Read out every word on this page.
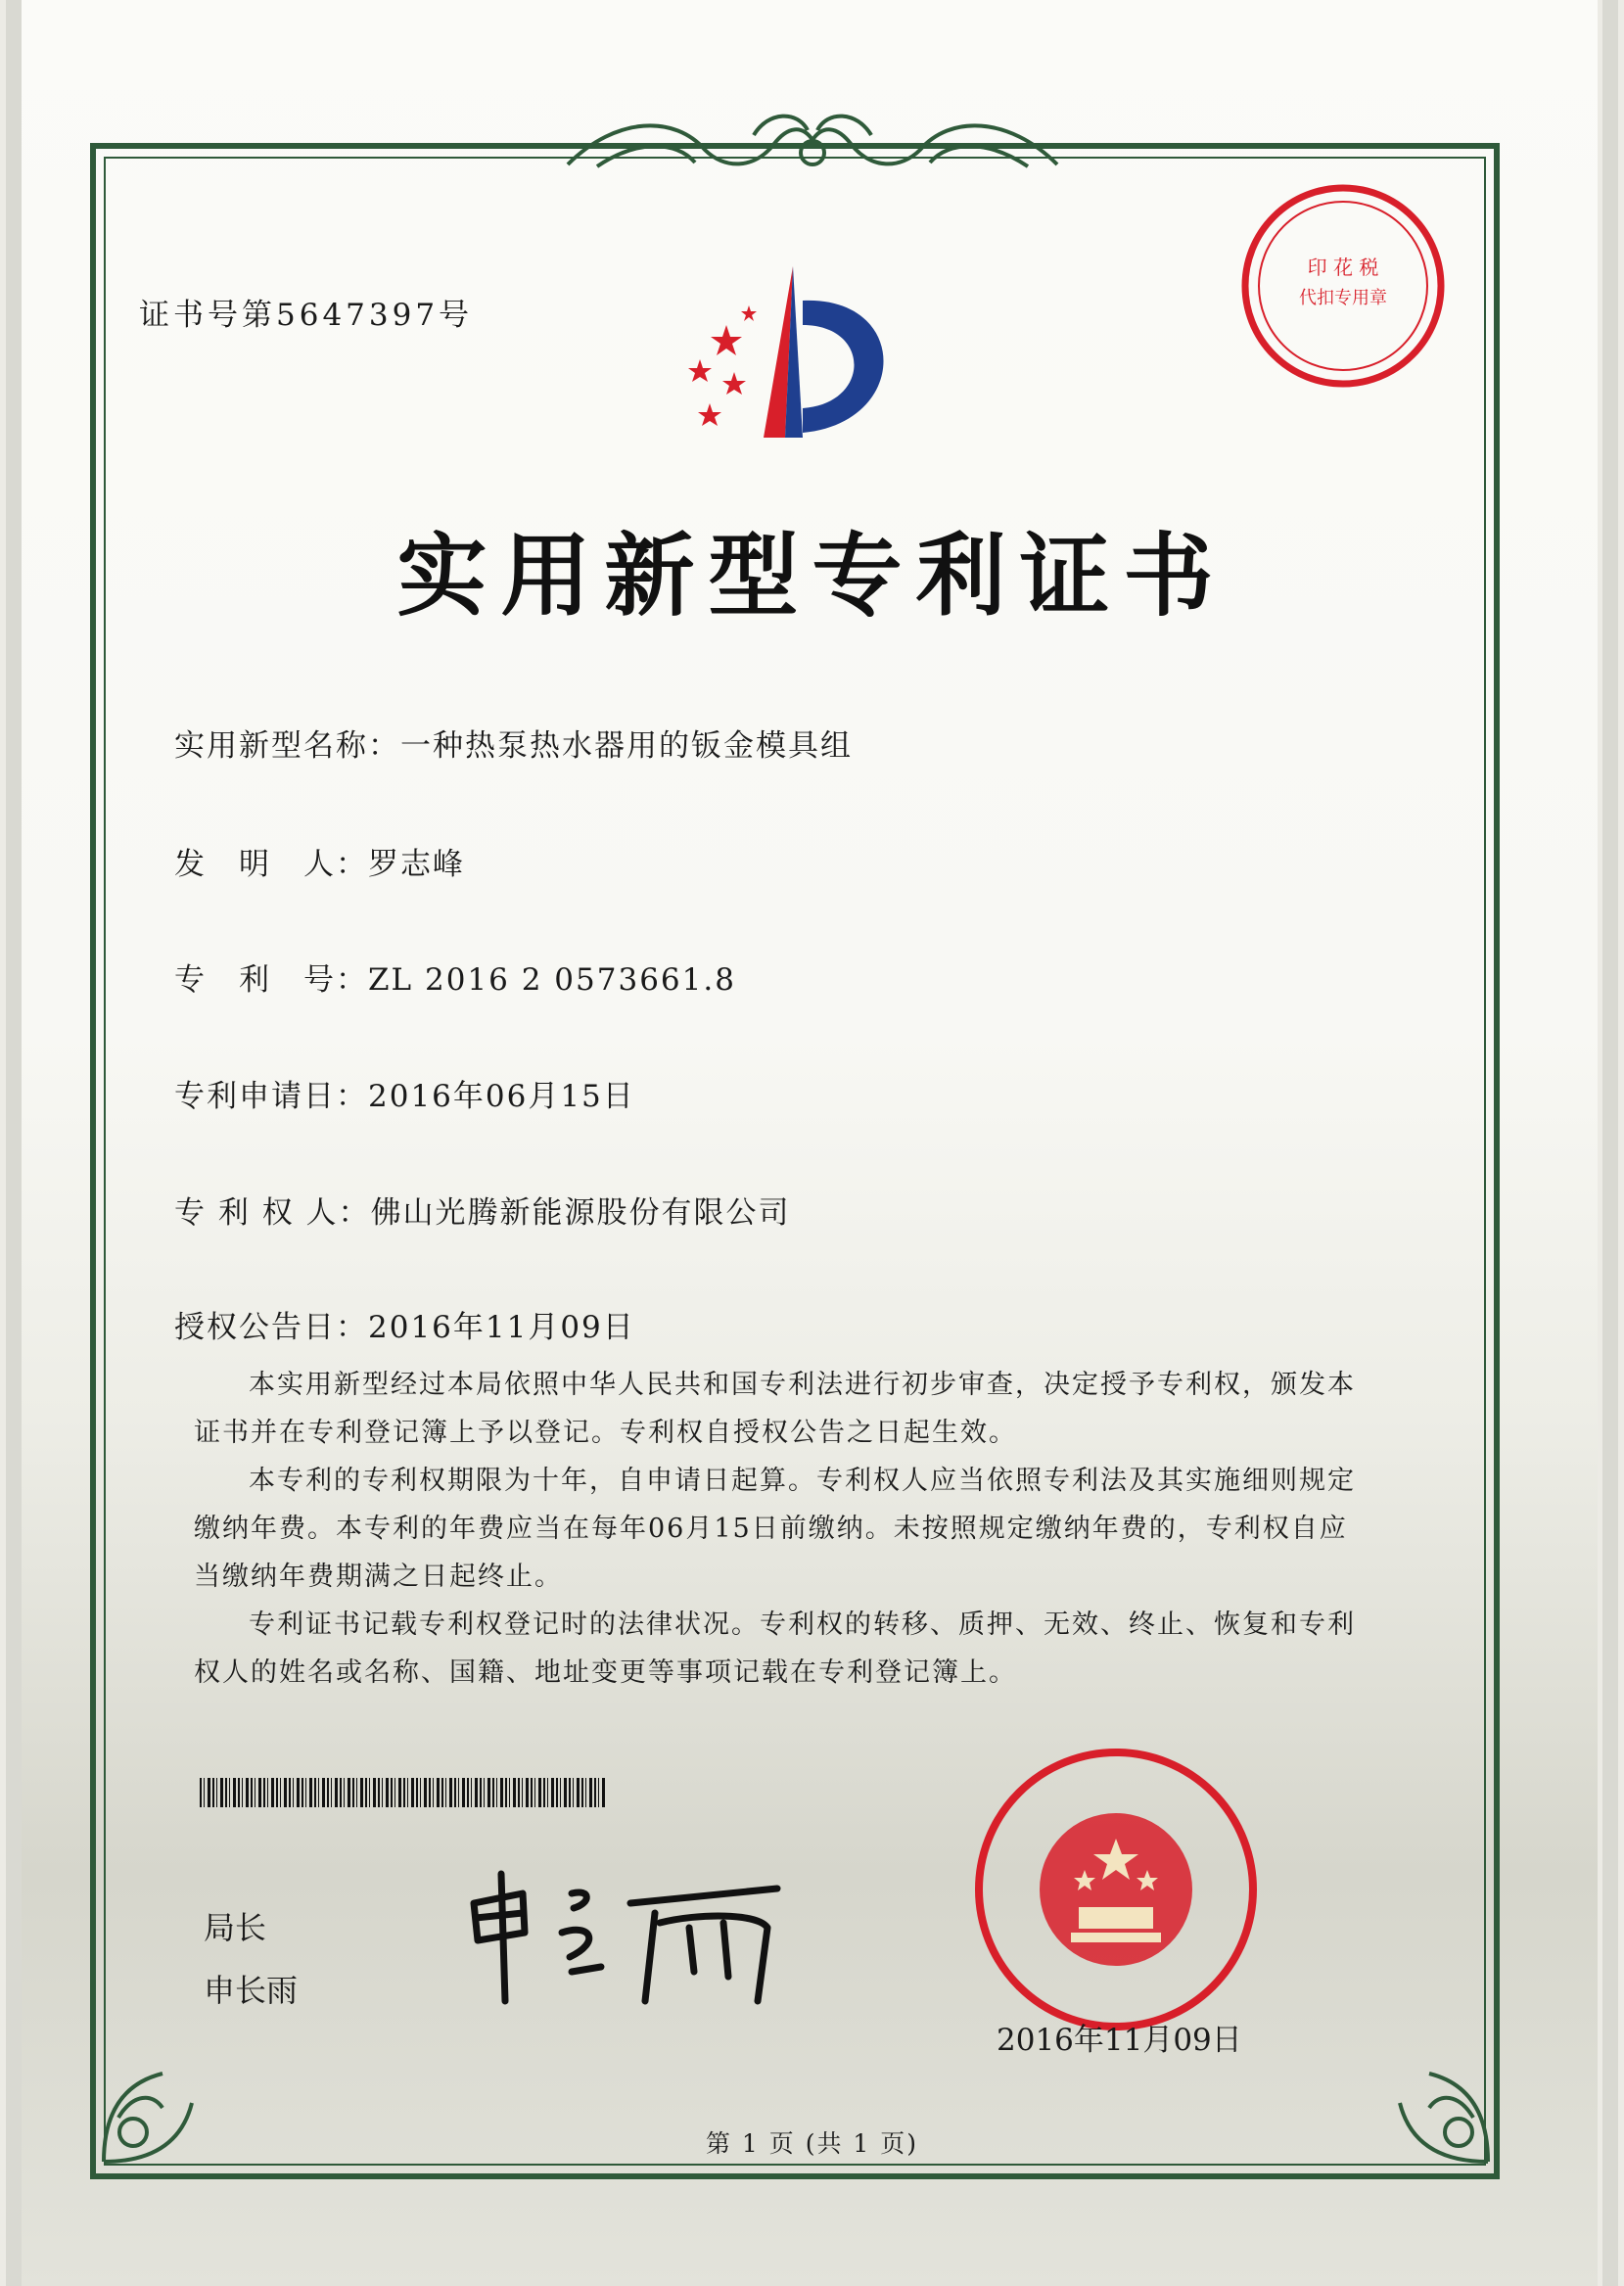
证书号第5647397号
印 花 税
代扣专用章
实用新型专利证书
实用新型名称：一种热泵热水器用的钣金模具组
发　明　人：罗志峰
专　利　号：ZL 2016 2 0573661.8
专利申请日：2016年06月15日
专 利 权 人：佛山光腾新能源股份有限公司
授权公告日：2016年11月09日

本实用新型经过本局依照中华人民共和国专利法进行初步审查，决定授予专利权，颁发本证书并在专利登记簿上予以登记。专利权自授权公告之日起生效。

本专利的专利权期限为十年，自申请日起算。专利权人应当依照专利法及其实施细则规定缴纳年费。本专利的年费应当在每年06月15日前缴纳。未按照规定缴纳年费的，专利权自应当缴纳年费期满之日起终止。

专利证书记载专利权登记时的法律状况。专利权的转移、质押、无效、终止、恢复和专利权人的姓名或名称、国籍、地址变更等事项记载在专利登记簿上。

局长
申长雨
2016年11月09日
第 1 页 (共 1 页)
